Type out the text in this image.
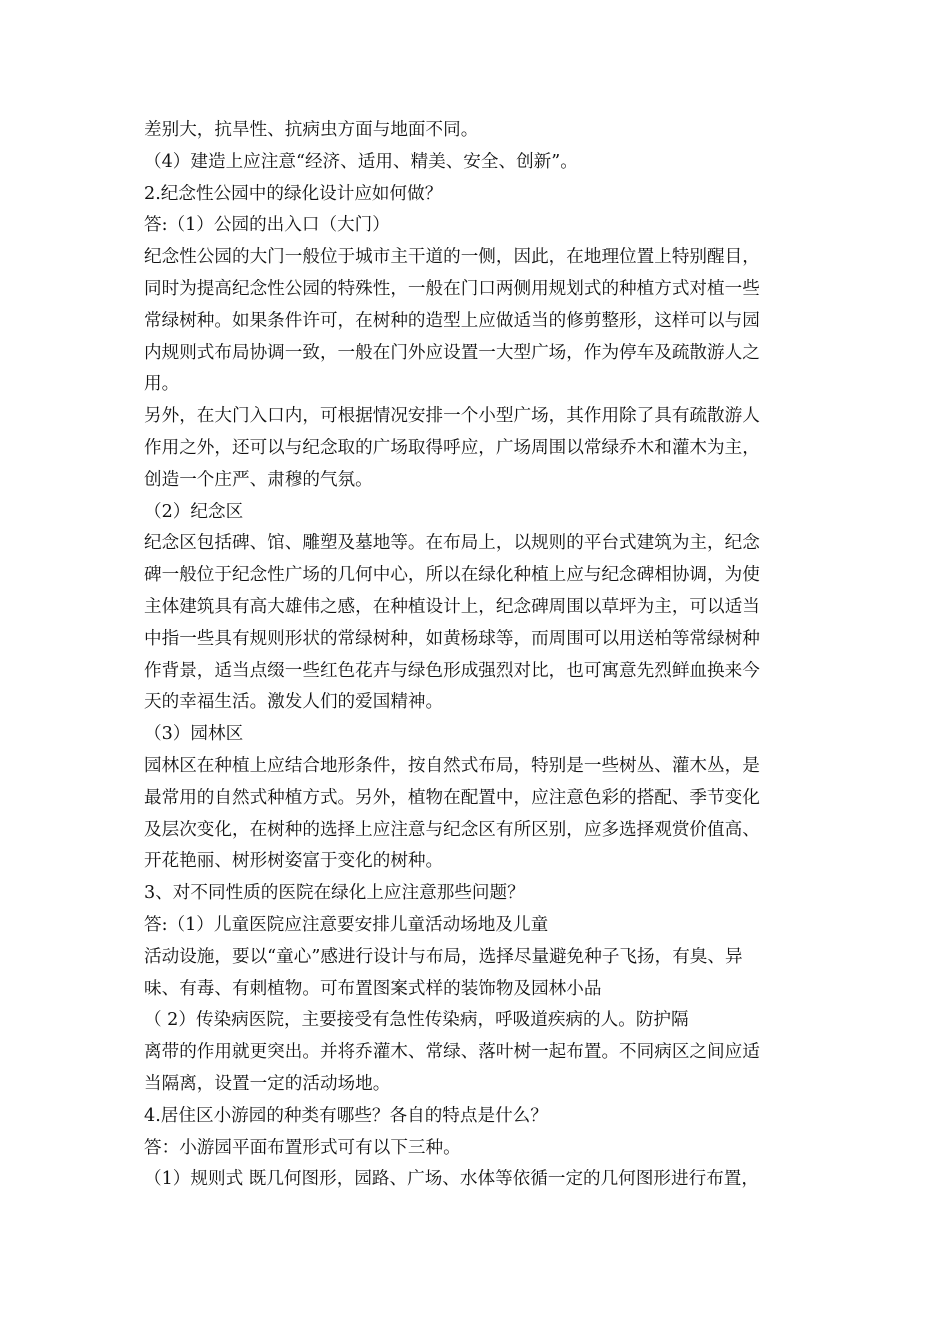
差别大，抗旱性、抗病虫方面与地面不同。
（4）建造上应注意“经济、适用、精美、安全、创新”。
2.纪念性公园中的绿化设计应如何做？
答:（1）公园的出入口（大门）
纪念性公园的大门一般位于城市主干道的一侧，因此，在地理位置上特别醒目，
同时为提高纪念性公园的特殊性，一般在门口两侧用规划式的种植方式对植一些
常绿树种。如果条件许可，在树种的造型上应做适当的修剪整形，这样可以与园
内规则式布局协调一致，一般在门外应设置一大型广场，作为停车及疏散游人之
用。
另外，在大门入口内，可根据情况安排一个小型广场，其作用除了具有疏散游人
作用之外，还可以与纪念取的广场取得呼应，广场周围以常绿乔木和灌木为主，
创造一个庄严、肃穆的气氛。
（2）纪念区
纪念区包括碑、馆、雕塑及墓地等。在布局上，以规则的平台式建筑为主，纪念
碑一般位于纪念性广场的几何中心，所以在绿化种植上应与纪念碑相协调，为使
主体建筑具有高大雄伟之感，在种植设计上，纪念碑周围以草坪为主，可以适当
中指一些具有规则形状的常绿树种，如黄杨球等，而周围可以用送柏等常绿树种
作背景，适当点缀一些红色花卉与绿色形成强烈对比，也可寓意先烈鲜血换来今
天的幸福生活。激发人们的爱国精神。
（3）园林区
园林区在种植上应结合地形条件，按自然式布局，特别是一些树丛、灌木丛，是
最常用的自然式种植方式。另外，植物在配置中，应注意色彩的搭配、季节变化
及层次变化，在树种的选择上应注意与纪念区有所区别，应多选择观赏价值高、
开花艳丽、树形树姿富于变化的树种。
3、对不同性质的医院在绿化上应注意那些问题？
答:（1）儿童医院应注意要安排儿童活动场地及儿童
活动设施，要以“童心”感进行设计与布局，选择尽量避免种子飞扬，有臭、异
味、有毒、有刺植物。可布置图案式样的装饰物及园林小品
（ 2）传染病医院，主要接受有急性传染病，呼吸道疾病的人。防护隔
离带的作用就更突出。并将乔灌木、常绿、落叶树一起布置。不同病区之间应适
当隔离，设置一定的活动场地。
4.居住区小游园的种类有哪些？各自的特点是什么？
答：小游园平面布置形式可有以下三种。
（1）规则式 既几何图形，园路、广场、水体等依循一定的几何图形进行布置，
